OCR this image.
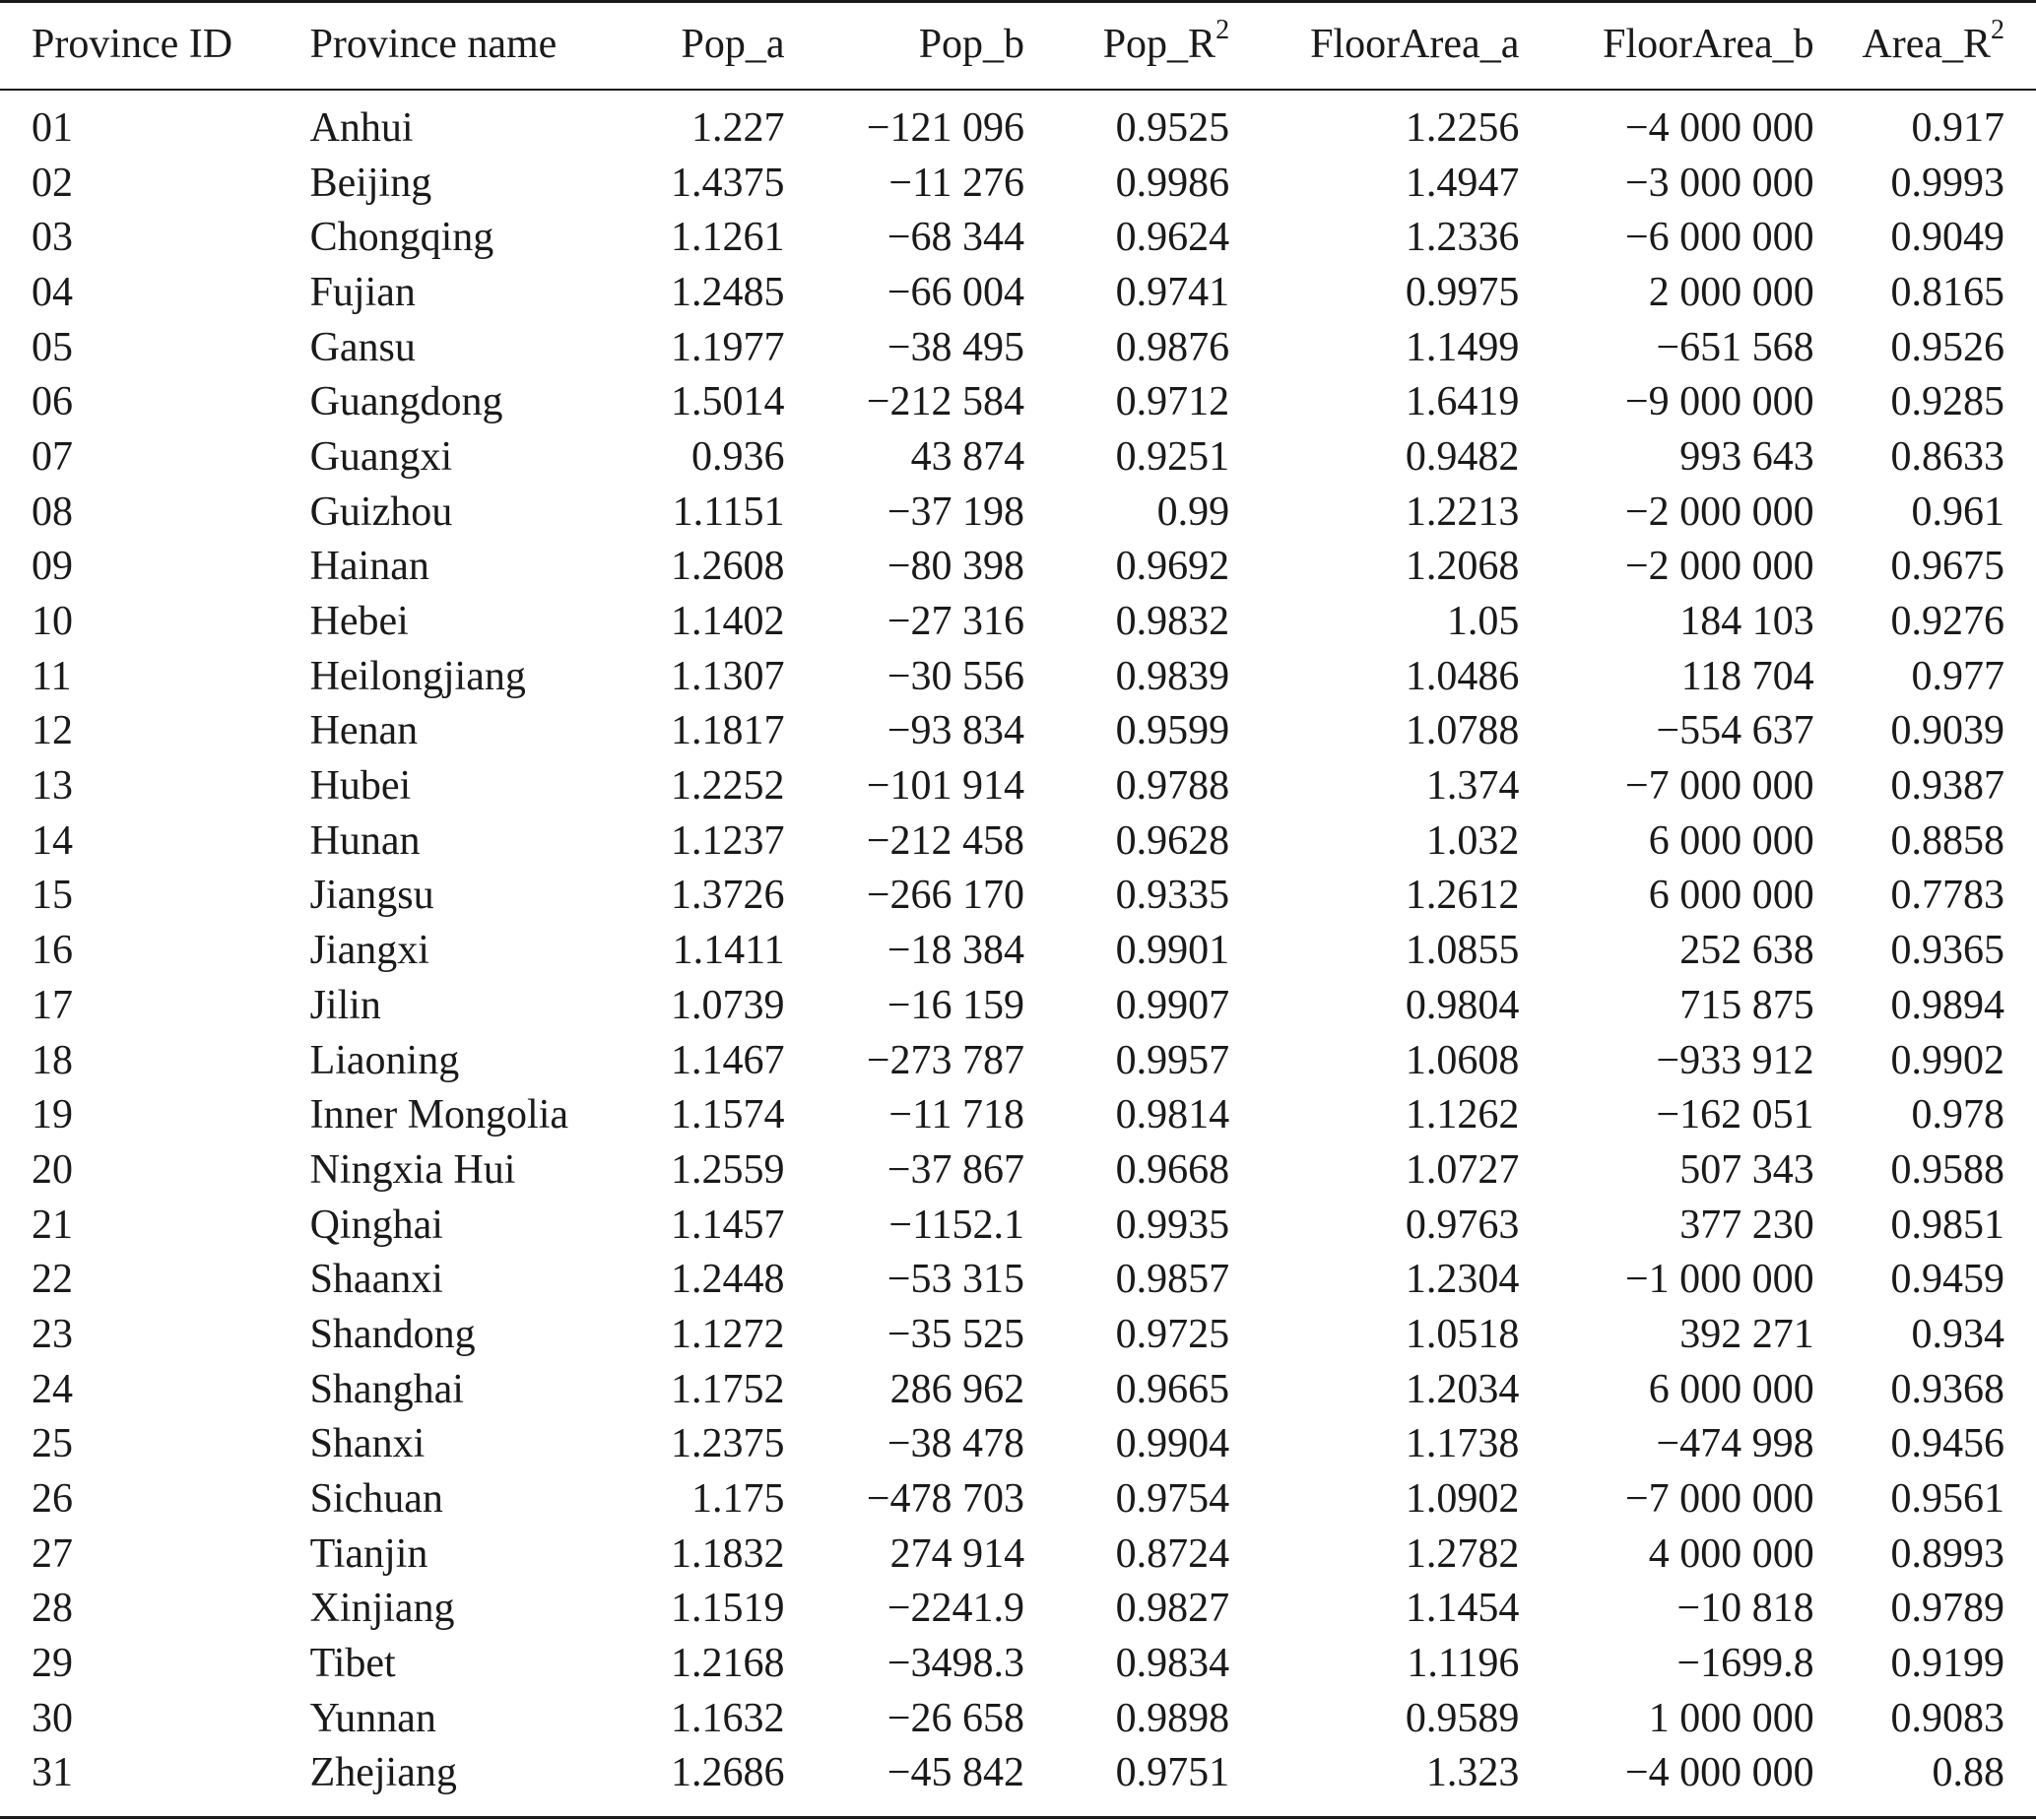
Province ID	Province name	Pop_a	Pop_b	$Pop\_R^2$	FloorArea_a	FloorArea_b	$Area\_R^2$
01	Anhui	1.227	−121 096	0.9525	1.2256	−4 000 000	0.917
02	Beijing	1.4375	−11 276	0.9986	1.4947	−3 000 000	0.9993
03	Chongqing	1.1261	−68 344	0.9624	1.2336	−6 000 000	0.9049
04	Fujian	1.2485	−66 004	0.9741	0.9975	2 000 000	0.8165
05	Gansu	1.1977	−38 495	0.9876	1.1499	−651 568	0.9526
06	Guangdong	1.5014	−212 584	0.9712	1.6419	−9 000 000	0.9285
07	Guangxi	0.936	43 874	0.9251	0.9482	993 643	0.8633
08	Guizhou	1.1151	−37 198	0.99	1.2213	−2 000 000	0.961
09	Hainan	1.2608	−80 398	0.9692	1.2068	−2 000 000	0.9675
10	Hebei	1.1402	−27 316	0.9832	1.05	184 103	0.9276
11	Heilongjiang	1.1307	−30 556	0.9839	1.0486	118 704	0.977
12	Henan	1.1817	−93 834	0.9599	1.0788	−554 637	0.9039
13	Hubei	1.2252	−101 914	0.9788	1.374	−7 000 000	0.9387
14	Hunan	1.1237	−212 458	0.9628	1.032	6 000 000	0.8858
15	Jiangsu	1.3726	−266 170	0.9335	1.2612	6 000 000	0.7783
16	Jiangxi	1.1411	−18 384	0.9901	1.0855	252 638	0.9365
17	Jilin	1.0739	−16 159	0.9907	0.9804	715 875	0.9894
18	Liaoning	1.1467	−273 787	0.9957	1.0608	−933 912	0.9902
19	Inner Mongolia	1.1574	−11 718	0.9814	1.1262	−162 051	0.978
20	Ningxia Hui	1.2559	−37 867	0.9668	1.0727	507 343	0.9588
21	Qinghai	1.1457	−1152.1	0.9935	0.9763	377 230	0.9851
22	Shaanxi	1.2448	−53 315	0.9857	1.2304	−1 000 000	0.9459
23	Shandong	1.1272	−35 525	0.9725	1.0518	392 271	0.934
24	Shanghai	1.1752	286 962	0.9665	1.2034	6 000 000	0.9368
25	Shanxi	1.2375	−38 478	0.9904	1.1738	−474 998	0.9456
26	Sichuan	1.175	−478 703	0.9754	1.0902	−7 000 000	0.9561
27	Tianjin	1.1832	274 914	0.8724	1.2782	4 000 000	0.8993
28	Xinjiang	1.1519	−2241.9	0.9827	1.1454	−10 818	0.9789
29	Tibet	1.2168	−3498.3	0.9834	1.1196	−1699.8	0.9199
30	Yunnan	1.1632	−26 658	0.9898	0.9589	1 000 000	0.9083
31	Zhejiang	1.2686	−45 842	0.9751	1.323	−4 000 000	0.88
